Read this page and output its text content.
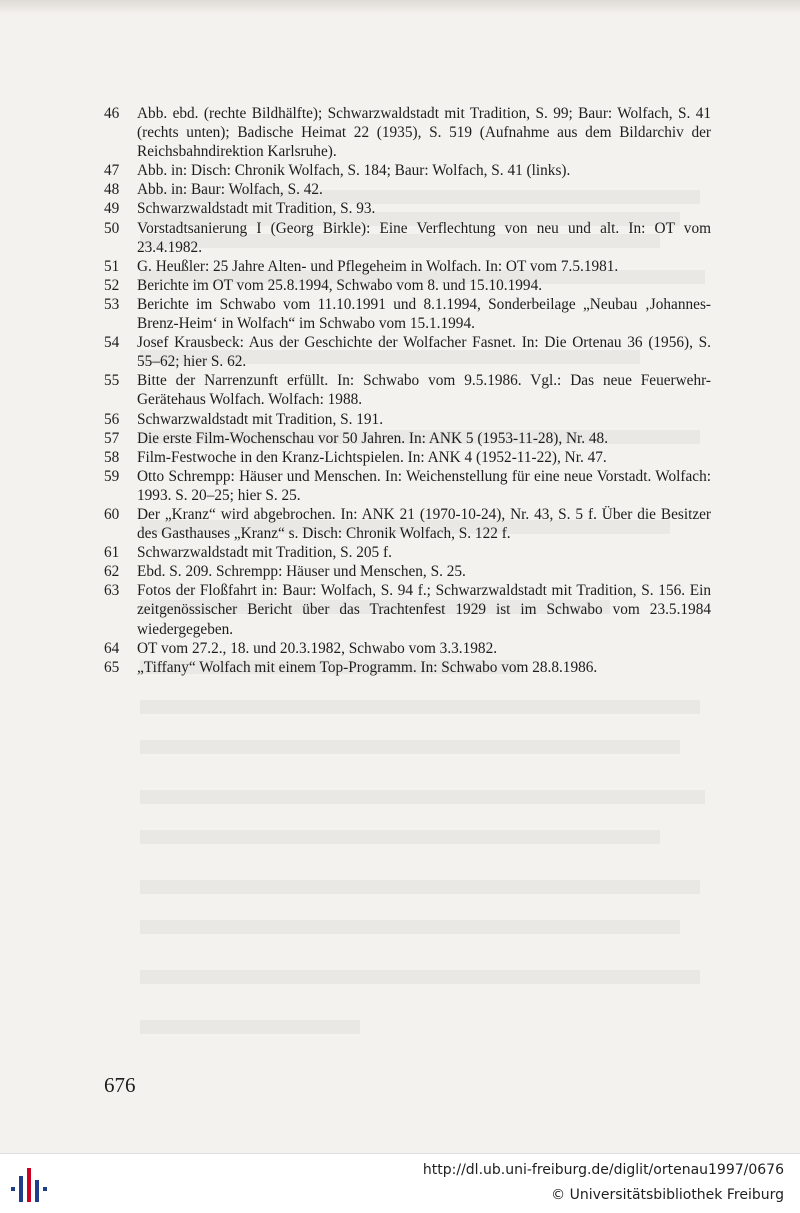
46	Abb. ebd. (rechte Bildhälfte); Schwarzwaldstadt mit Tradition, S. 99; Baur: Wolfach, S. 41 (rechts unten); Badische Heimat 22 (1935), S. 519 (Aufnahme aus dem Bildarchiv der Reichsbahndirektion Karlsruhe).
47	Abb. in: Disch: Chronik Wolfach, S. 184; Baur: Wolfach, S. 41 (links).
48	Abb. in: Baur: Wolfach, S. 42.
49	Schwarzwaldstadt mit Tradition, S. 93.
50	Vorstadtsanierung I (Georg Birkle): Eine Verflechtung von neu und alt. In: OT vom 23.4.1982.
51	G. Heußler: 25 Jahre Alten- und Pflegeheim in Wolfach. In: OT vom 7.5.1981.
52	Berichte im OT vom 25.8.1994, Schwabo vom 8. und 15.10.1994.
53	Berichte im Schwabo vom 11.10.1991 und 8.1.1994, Sonderbeilage „Neubau ‚Johannes-Brenz-Heim‘ in Wolfach“ im Schwabo vom 15.1.1994.
54	Josef Krausbeck: Aus der Geschichte der Wolfacher Fasnet. In: Die Ortenau 36 (1956), S. 55–62; hier S. 62.
55	Bitte der Narrenzunft erfüllt. In: Schwabo vom 9.5.1986. Vgl.: Das neue Feuerwehr-Gerätehaus Wolfach. Wolfach: 1988.
56	Schwarzwaldstadt mit Tradition, S. 191.
57	Die erste Film-Wochenschau vor 50 Jahren. In: ANK 5 (1953-11-28), Nr. 48.
58	Film-Festwoche in den Kranz-Lichtspielen. In: ANK 4 (1952-11-22), Nr. 47.
59	Otto Schrempp: Häuser und Menschen. In: Weichenstellung für eine neue Vorstadt. Wolfach: 1993. S. 20–25; hier S. 25.
60	Der „Kranz“ wird abgebrochen. In: ANK 21 (1970-10-24), Nr. 43, S. 5 f. Über die Besitzer des Gasthauses „Kranz“ s. Disch: Chronik Wolfach, S. 122 f.
61	Schwarzwaldstadt mit Tradition, S. 205 f.
62	Ebd. S. 209. Schrempp: Häuser und Menschen, S. 25.
63	Fotos der Floßfahrt in: Baur: Wolfach, S. 94 f.; Schwarzwaldstadt mit Tradition, S. 156. Ein zeitgenössischer Bericht über das Trachtenfest 1929 ist im Schwabo vom 23.5.1984 wiedergegeben.
64	OT vom 27.2., 18. und 20.3.1982, Schwabo vom 3.3.1982.
65	„Tiffany“ Wolfach mit einem Top-Programm. In: Schwabo vom 28.8.1986.
676
http://dl.ub.uni-freiburg.de/diglit/ortenau1997/0676
© Universitätsbibliothek Freiburg
